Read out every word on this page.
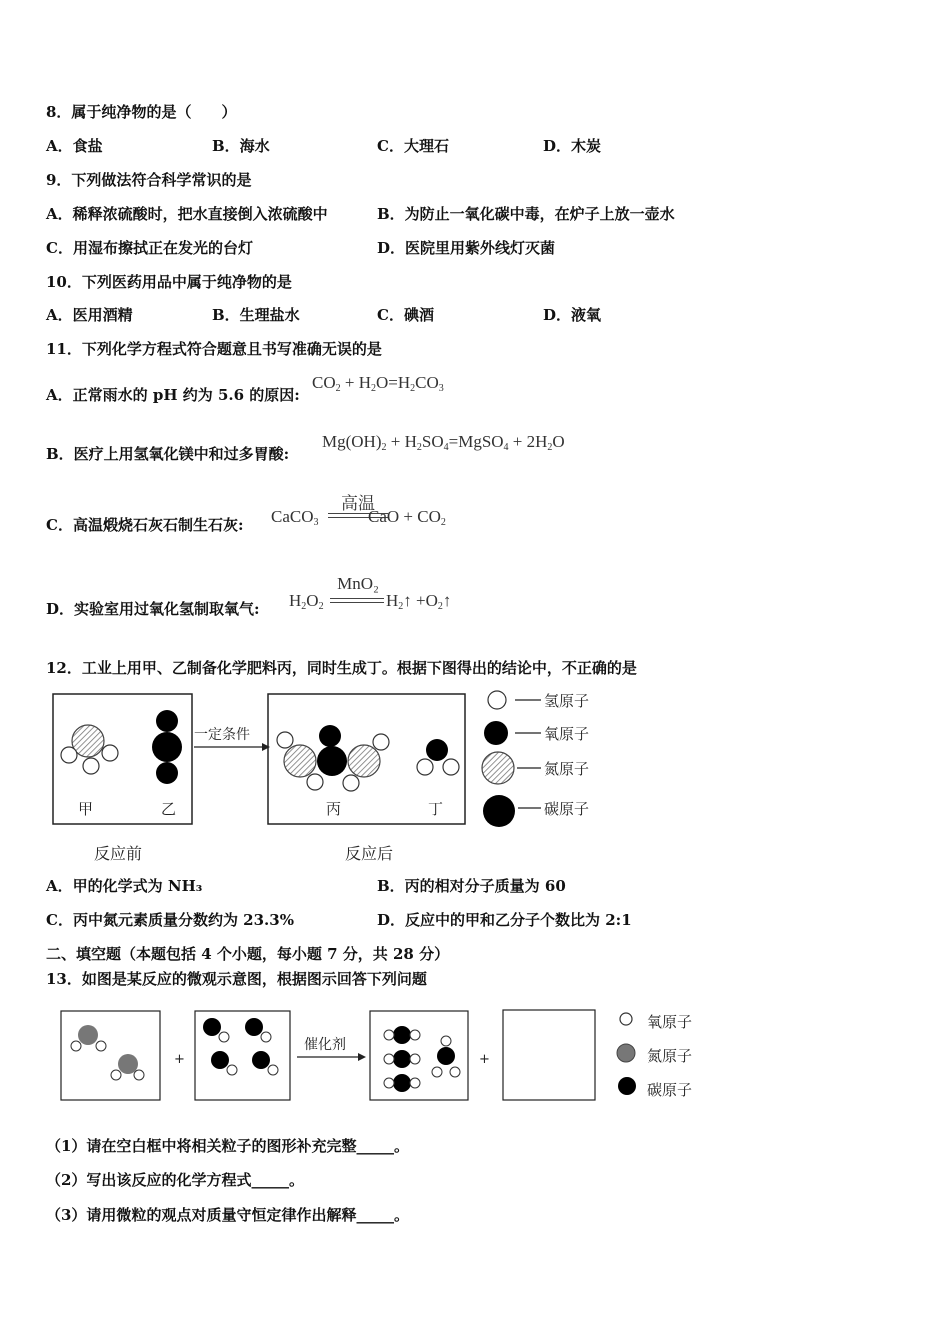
8．属于纯净物的是（　　）
A．食盐	B．海水	C．大理石	D．木炭
9．下列做法符合科学常识的是
A．稀释浓硫酸时，把水直接倒入浓硫酸中	B．为防止一氧化碳中毒，在炉子上放一壶水
C．用湿布擦拭正在发光的台灯	D．医院里用紫外线灯灭菌
10．下列医药用品中属于纯净物的是
A．医用酒精	B．生理盐水	C．碘酒	D．液氧
11．下列化学方程式符合题意且书写准确无误的是
A．正常雨水的 pH 约为 5.6 的原因:
$CO_2 + H_2O=H_2CO_3$
B．医疗上用氢氧化镁中和过多胃酸:
$Mg(OH)_2$ + $H_2SO_4=MgSO_4 + 2H_2O$
C．高温煅烧石灰石制生石灰: CaCO$_3$
高温
CaO + $CO_2$
D．实验室用过氧化氢制取氧气: $H_2O_2$
MnO₂
$H_2↑$ $+O_2↑$
12．工业上用甲、乙制备化学肥料丙，同时生成丁。根据下图得出的结论中，不正确的是
甲	乙
一定条件
丙	丁
氢原子
氧原子
氮原子
碳原子
反应前	反应后
A．甲的化学式为 NH₃	B．丙的相对分子质量为 60
C．丙中氮元素质量分数约为 23.3%	D．反应中的甲和乙分子个数比为 2:1
二、填空题（本题包括 4 个小题，每小题 7 分，共 28 分）
13．如图是某反应的微观示意图，根据图示回答下列问题
+	+
催化剂
氧原子
氮原子
碳原子
（1）请在空白框中将相关粒子的图形补充完整_____。
（2）写出该反应的化学方程式_____。
（3）请用微粒的观点对质量守恒定律作出解释_____。
